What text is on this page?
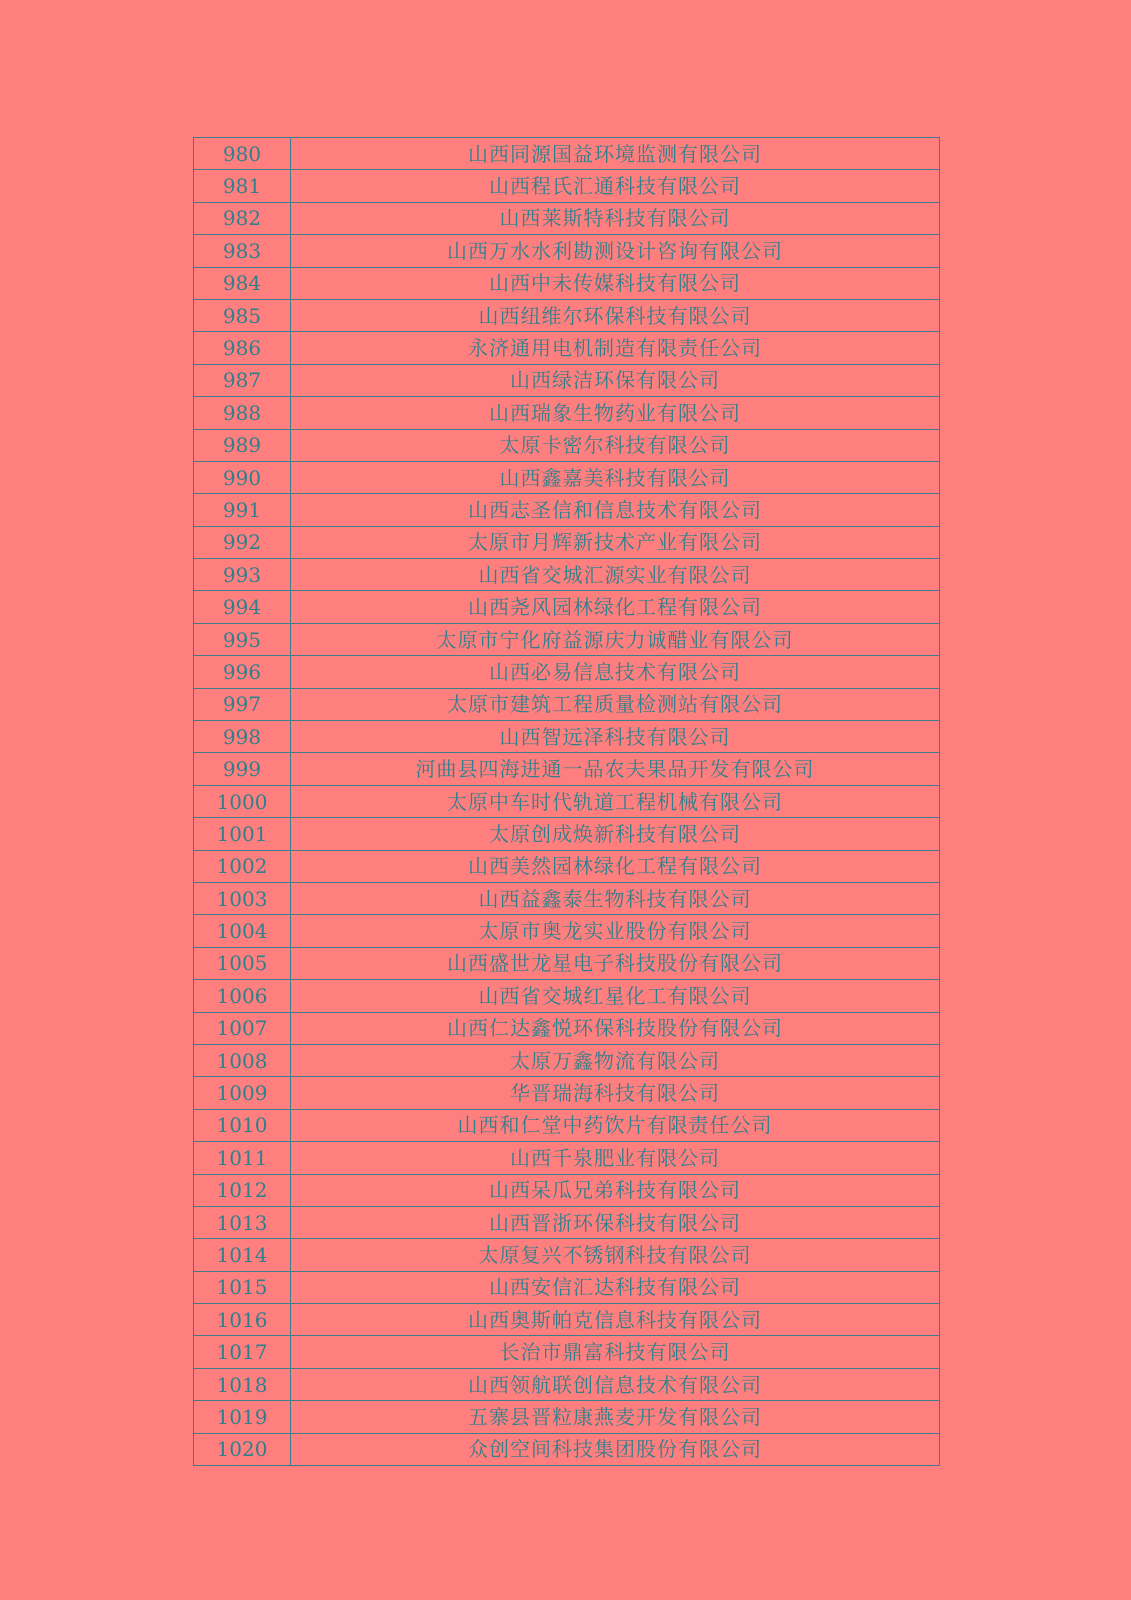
980	山西同源国益环境监测有限公司
981	山西程氏汇通科技有限公司
982	山西莱斯特科技有限公司
983	山西万水水利勘测设计咨询有限公司
984	山西中未传媒科技有限公司
985	山西纽维尔环保科技有限公司
986	永济通用电机制造有限责任公司
987	山西绿洁环保有限公司
988	山西瑞象生物药业有限公司
989	太原卡密尔科技有限公司
990	山西鑫嘉美科技有限公司
991	山西志圣信和信息技术有限公司
992	太原市月辉新技术产业有限公司
993	山西省交城汇源实业有限公司
994	山西尧风园林绿化工程有限公司
995	太原市宁化府益源庆力诚醋业有限公司
996	山西必易信息技术有限公司
997	太原市建筑工程质量检测站有限公司
998	山西智远泽科技有限公司
999	河曲县四海进通一品农夫果品开发有限公司
1000	太原中车时代轨道工程机械有限公司
1001	太原创成焕新科技有限公司
1002	山西美然园林绿化工程有限公司
1003	山西益鑫泰生物科技有限公司
1004	太原市奥龙实业股份有限公司
1005	山西盛世龙星电子科技股份有限公司
1006	山西省交城红星化工有限公司
1007	山西仁达鑫悦环保科技股份有限公司
1008	太原万鑫物流有限公司
1009	华晋瑞海科技有限公司
1010	山西和仁堂中药饮片有限责任公司
1011	山西千泉肥业有限公司
1012	山西呆瓜兄弟科技有限公司
1013	山西晋浙环保科技有限公司
1014	太原复兴不锈钢科技有限公司
1015	山西安信汇达科技有限公司
1016	山西奥斯帕克信息科技有限公司
1017	长治市鼎富科技有限公司
1018	山西领航联创信息技术有限公司
1019	五寨县晋粒康燕麦开发有限公司
1020	众创空间科技集团股份有限公司
